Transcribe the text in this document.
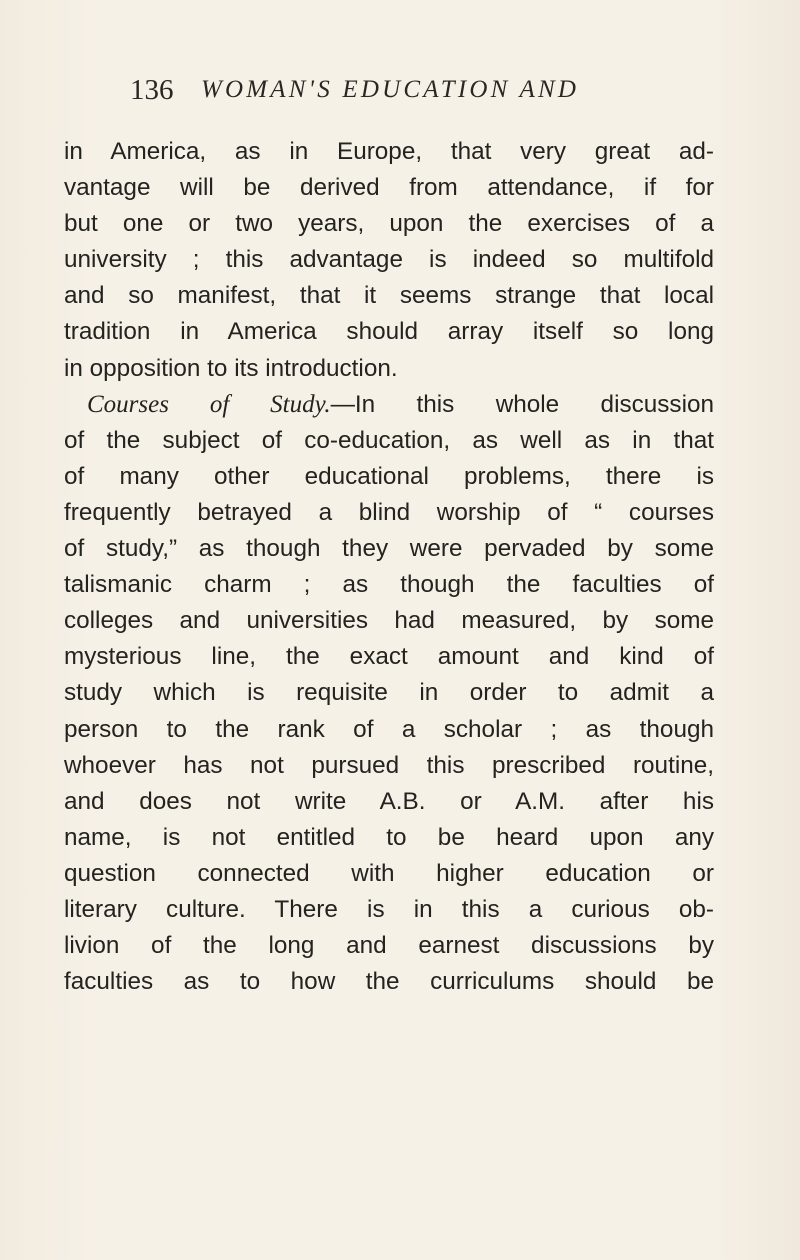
136 WOMAN'S EDUCATION AND
in America, as in Europe, that very great ad-
vantage will be derived from attendance, if for
but one or two years, upon the exercises of a
university ; this advantage is indeed so multifold
and so manifest, that it seems strange that local
tradition in America should array itself so long
in opposition to its introduction.
Courses of Study.—In this whole discussion
of the subject of co-education, as well as in that
of many other educational problems, there is
frequently betrayed a blind worship of “ courses
of study,” as though they were pervaded by some
talismanic charm ; as though the faculties of
colleges and universities had measured, by some
mysterious line, the exact amount and kind of
study which is requisite in order to admit a
person to the rank of a scholar ; as though
whoever has not pursued this prescribed routine,
and does not write A.B. or A.M. after his
name, is not entitled to be heard upon any
question connected with higher education or
literary culture. There is in this a curious ob-
livion of the long and earnest discussions by
faculties as to how the curriculums should be
